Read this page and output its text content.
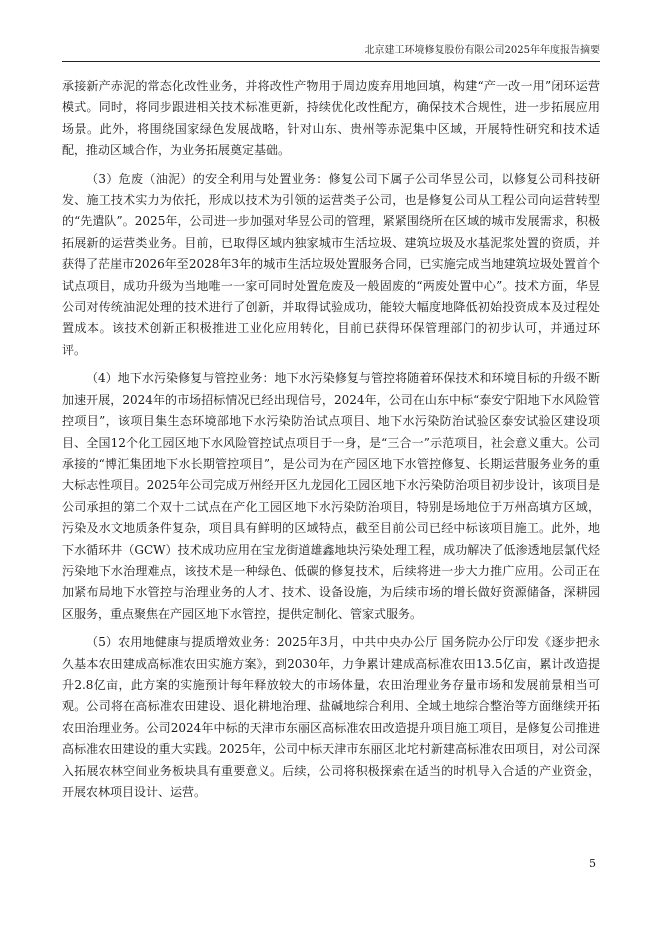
北京建工环境修复股份有限公司2025年年度报告摘要

承接新产赤泥的常态化改性业务，并将改性产物用于周边废弃用地回填，构建“产一改一用”闭环运营模式。同时，将同步跟进相关技术标准更新，持续优化改性配方，确保技术合规性，进一步拓展应用场景。此外，将围绕国家绿色发展战略，针对山东、贵州等赤泥集中区域，开展特性研究和技术适配，推动区域合作，为业务拓展奠定基础。

（3）危废（油泥）的安全利用与处置业务：修复公司下属子公司华昱公司，以修复公司科技研发、施工技术实力为依托，形成以技术为引领的运营类子公司，也是修复公司从工程公司向运营转型的“先遣队”。2025年，公司进一步加强对华昱公司的管理，紧紧围绕所在区域的城市发展需求，积极拓展新的运营类业务。目前，已取得区域内独家城市生活垃圾、建筑垃圾及水基泥浆处置的资质，并获得了茫崖市2026年至2028年3年的城市生活垃圾处置服务合同，已实施完成当地建筑垃圾处置首个试点项目，成功升级为当地唯一一家可同时处置危废及一般固废的“两废处置中心”。技术方面，华昱公司对传统油泥处理的技术进行了创新，并取得试验成功，能较大幅度地降低初始投资成本及过程处置成本。该技术创新正积极推进工业化应用转化，目前已获得环保管理部门的初步认可，并通过环评。

（4）地下水污染修复与管控业务：地下水污染修复与管控将随着环保技术和环境目标的升级不断加速开展，2024年的市场招标情况已经出现信号，2024年，公司在山东中标“泰安宁阳地下水风险管控项目”，该项目集生态环境部地下水污染防治试点项目、地下水污染防治试验区泰安试验区建设项目、全国12个化工园区地下水风险管控试点项目于一身，是“三合一”示范项目，社会意义重大。公司承接的“博汇集团地下水长期管控项目”，是公司为在产园区地下水管控修复、长期运营服务业务的重大标志性项目。2025年公司完成万州经开区九龙园化工园区地下水污染防治项目初步设计，该项目是公司承担的第二个双十二试点在产化工园区地下水污染防治项目，特别是场地位于万州高填方区域，污染及水文地质条件复杂，项目具有鲜明的区域特点，截至目前公司已经中标该项目施工。此外，地下水循环井（GCW）技术成功应用在宝龙街道雄鑫地块污染处理工程，成功解决了低渗透地层氯代烃污染地下水治理难点，该技术是一种绿色、低碳的修复技术，后续将进一步大力推广应用。公司正在加紧布局地下水管控与治理业务的人才、技术、设备设施，为后续市场的增长做好资源储备，深耕园区服务，重点聚焦在产园区地下水管控，提供定制化、管家式服务。

（5）农用地健康与提质增效业务：2025年3月，中共中央办公厅 国务院办公厅印发《逐步把永久基本农田建成高标准农田实施方案》，到2030年，力争累计建成高标准农田13.5亿亩，累计改造提升2.8亿亩，此方案的实施预计每年释放较大的市场体量，农田治理业务存量市场和发展前景相当可观。公司将在高标准农田建设、退化耕地治理、盐碱地综合利用、全域土地综合整治等方面继续开拓农田治理业务。公司2024年中标的天津市东丽区高标准农田改造提升项目施工项目，是修复公司推进高标准农田建设的重大实践。2025年，公司中标天津市东丽区北坨村新建高标准农田项目，对公司深入拓展农林空间业务板块具有重要意义。后续，公司将积极探索在适当的时机导入合适的产业资金，开展农林项目设计、运营。

5
